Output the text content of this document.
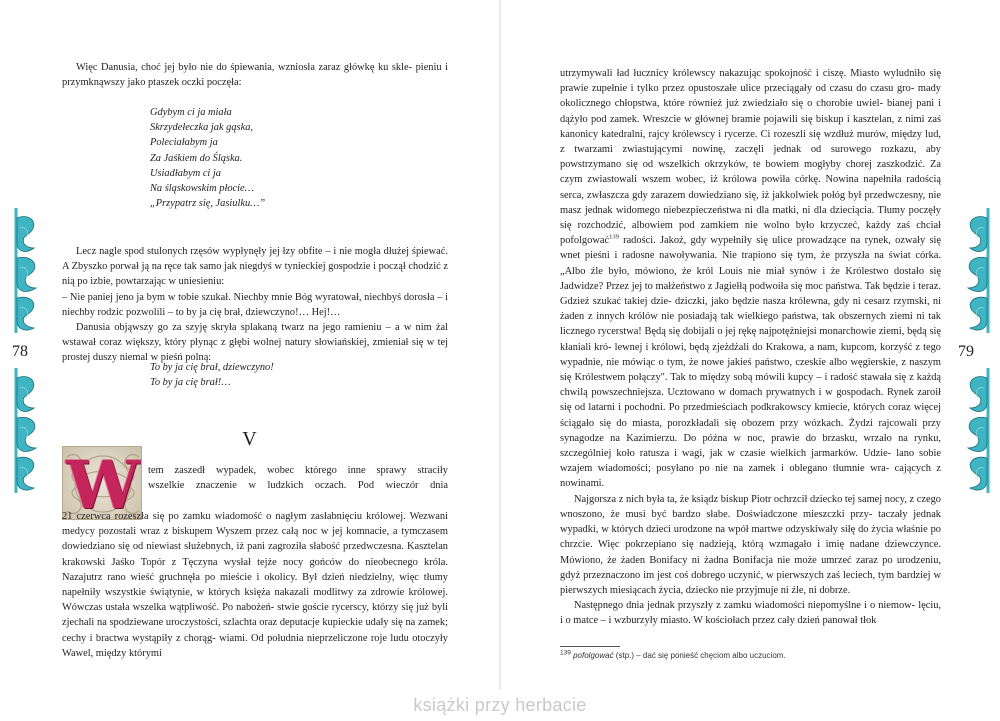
Więc Danusia, choć jej było nie do śpiewania, wzniosła zaraz główkę ku skle- pieniu i przymknąwszy jako ptaszek oczki poczęła:

Gdybym ci ja miała
Skrzydełeczka jak gąska,
Poleciałabym ja
Za Jaśkiem do Śląska.
Usiadłabym ci ja
Na śląskowskim płocie…
„Przypatrz się, Jasiulku…”

Lecz nagle spod stulonych rzęsów wypłynęły jej łzy obfite – i nie mogła dłużej śpiewać. A Zbyszko porwał ją na ręce tak samo jak niegdyś w tynieckiej gospodzie i począł chodzić z nią po izbie, powtarzając w uniesieniu:

– Nie paniej jeno ja bym w tobie szukał. Niechby mnie Bóg wyratował, niechbyś dorosła – i niechby rodzic pozwolili – to by ja cię brał, dziewczyno!… Hej!…

Danusia objąwszy go za szyję skryła splakaną twarz na jego ramieniu – a w nim żal wstawał coraz większy, który płynąc z głębi wolnej natury słowiańskiej, zmieniał się w tej prostej duszy niemal w pieśń polną:

To by ja cię brał, dziewczyno!
To by ja cię brał!…
V
W tem zaszedł wypadek, wobec którego inne sprawy straciły
wszelkie znaczenie w ludzkich oczach. Pod wieczór dnia

21 czerwca rozeszła się po zamku wiadomość o nagłym zasłabnięciu królowej. Wezwani medycy pozostali wraz z biskupem Wyszem przez całą noc w jej komnacie, a tymczasem dowiedziano się od niewiast służebnych, iż pani zagroziła słabość przedwczesna. Kasztelan krakowski Jaśko Topór z Tęczyna wysłał tejże nocy gońców do nieobecnego króla. Nazajutrz rano wieść gruchnęła po mieście i okolicy. Był dzień niedzielny, więc tłumy napełniły wszystkie świątynie, w których księża nakazali modlitwy za zdrowie królowej. Wówczas ustała wszelka wątpliwość. Po nabożeń- stwie goście rycerscy, którzy się już byli zjechali na spodziewane uroczystości, szlachta oraz deputacje kupieckie udały się na zamek; cechy i bractwa wystąpiły z chorąg- wiami. Od południa nieprzeliczone roje ludu otoczyły Wawel, między którymi

78

utrzymywali ład łucznicy królewscy nakazując spokojność i ciszę. Miasto wyludniło się prawie zupełnie i tylko przez opustoszałe ulice przeciągały od czasu do czasu gro- mady okolicznego chłopstwa, które również już zwiedziało się o chorobie uwiel- bianej pani i dążyło pod zamek. Wreszcie w głównej bramie pojawili się biskup i kasztelan, z nimi zaś kanonicy katedralni, rajcy królewscy i rycerze. Ci rozeszli się wzdłuż murów, między lud, z twarzami zwiastującymi nowinę, zaczęli jednak od surowego rozkazu, aby powstrzymano się od wszelkich okrzyków, te bowiem mogłyby chorej zaszkodzić. Za czym zwiastowali wszem wobec, iż królowa powiła córkę. Nowina napełniła radością serca, zwłaszcza gdy zarazem dowiedziano się, iż jakkolwiek połóg był przedwczesny, nie masz jednak widomego niebezpieczeństwa ni dla matki, ni dla dzieciącia. Tłumy poczęły się rozchodzić, albowiem pod zamkiem nie wolno było krzyczeć, każdy zaś chciał pofolgować$^{139}$ radości. Jakoż, gdy wypełniły się ulice prowadzące na rynek, ozwały się wnet pieśni i radosne nawoływania. Nie trapiono się tym, że przyszła na świat córka. „Albo źle było, mówiono, że król Louis nie miał synów i że Królestwo dostało się Jadwidze? Przez jej to małżeństwo z Jagiełłą podwoiła się moc państwa. Tak będzie i teraz. Gdzież szukać takiej dzie- dziczki, jako będzie nasza królewna, gdy ni cesarz rzymski, ni żaden z innych królów nie posiadają tak wielkiego państwa, tak obszernych ziemi ni tak licznego rycerstwa! Będą się dobijali o jej rękę najpotężniejsi monarchowie ziemi, będą się kłaniali kró- lewnej i królowi, będą zjeżdżali do Krakowa, a nam, kupcom, korzyść z tego wypadnie, nie mówiąc o tym, że nowe jakieś państwo, czeskie albo węgierskie, z naszym się Królestwem połączy". Tak to między sobą mówili kupcy – i radość stawała się z każdą chwilą powszechniejsza. Ucztowano w domach prywatnych i w gospodach. Rynek zaroił się od latarni i pochodni. Po przedmieściach podkrakowscy kmiecie, których coraz więcej ściągało się do miasta, porozkładali się obozem przy wózkach. Żydzi rajcowali przy synagodze na Kazimierzu. Do późna w noc, prawie do brzasku, wrzało na rynku, szczególniej koło ratusza i wagi, jak w czasie wielkich jarmarków. Udzie- lano sobie wzajem wiadomości; posyłano po nie na zamek i oblegano tłumnie wra- cających z nowinami.

Najgorsza z nich była ta, że ksiądz biskup Piotr ochrzcił dziecko tej samej nocy, z czego wnoszono, że musi być bardzo słabe. Doświadczone mieszczki przy- taczały jednak wypadki, w których dzieci urodzone na wpół martwe odzyskiwały siłę do życia właśnie po chrzcie. Więc pokrzepiano się nadzieją, którą wzmagało i imię nadane dziewczynce. Mówiono, że żaden Bonifacy ni żadna Bonifacja nie może umrzeć zaraz po urodzeniu, gdyż przeznaczono im jest coś dobrego uczynić, w pierwszych zaś leciech, tym bardziej w pierwszych miesiącach życia, dziecko nie przyjmuje ni źle, ni dobrze.

Następnego dnia jednak przyszły z zamku wiadomości niepomyślne i o niemow- lęciu, i o matce – i wzburzyły miasto. W kościołach przez cały dzień panował tłok

$^{139}$ pofolgować (stp.) – dać się ponieść chęciom albo uczuciom.
79
książki przy herbacie
